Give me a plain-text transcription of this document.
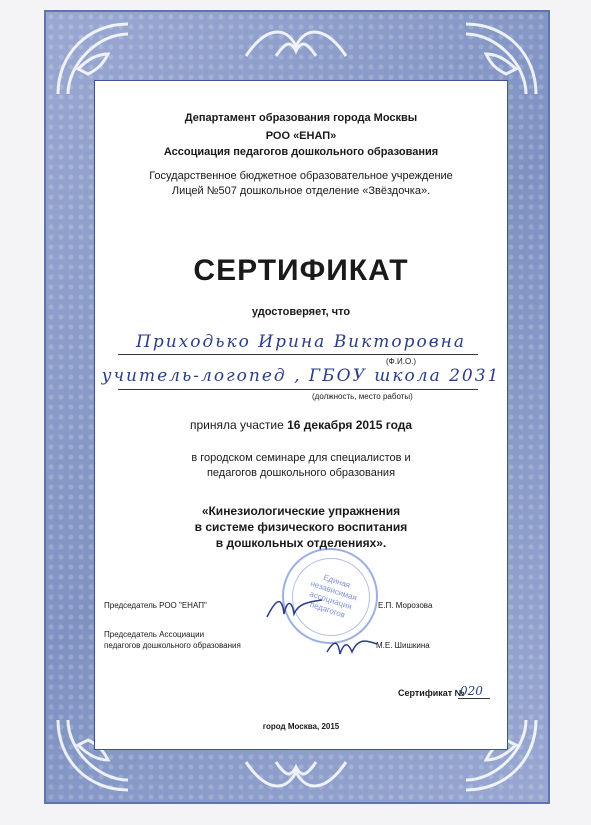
Департамент образования города Москвы
РОО «ЕНАП»
Ассоциация педагогов дошкольного образования
Государственное бюджетное образовательное учреждение
Лицей №507 дошкольное отделение «Звёздочка».
СЕРТИФИКАТ
удостоверяет, что
Приходько Ирина Викторовна
(Ф.И.О.)
учитель-логопед , ГБОУ школа 2031
(должность, место работы)
приняла участие 16 декабря 2015 года
в городском семинаре для специалистов и
педагогов дошкольного образования
«Кинезиологические упражнения
в системе физического воспитания
в дошкольных отделениях».
Единая независимая ассоциация педагогов
Председатель РОО "ЕНАП"	Е.П. Морозова
Председатель Ассоциации
педагогов дошкольного образования	М.Е. Шишкина
Сертификат №
020
город Москва, 2015
